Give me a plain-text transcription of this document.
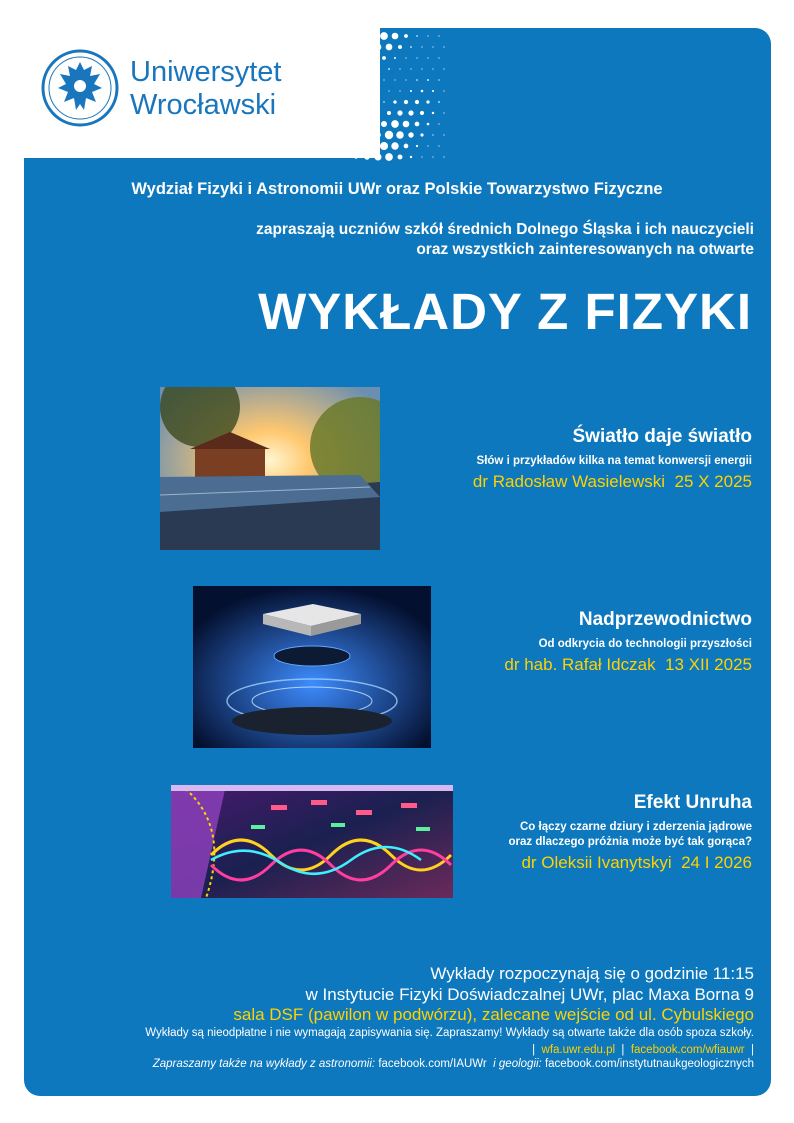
Uniwersytet
Wrocławski
Wydział Fizyki i Astronomii UWr oraz Polskie Towarzystwo Fizyczne
zapraszają uczniów szkół średnich Dolnego Śląska i ich nauczycieli
oraz wszystkich zainteresowanych na otwarte
WYKŁADY Z FIZYKI
Światło daje światło
Słów i przykładów kilka na temat konwersji energii
dr Radosław Wasielewski 25 X 2025
Nadprzewodnictwo
Od odkrycia do technologii przyszłości
dr hab. Rafał Idczak 13 XII 2025
Efekt Unruha
Co łączy czarne dziury i zderzenia jądrowe
oraz dlaczego próżnia może być tak gorąca?
dr Oleksii Ivanytskyi 24 I 2026
Wykłady rozpoczynają się o godzinie 11:15
w Instytucie Fizyki Doświadczalnej UWr, plac Maxa Borna 9
sala DSF (pawilon w podwórzu), zalecane wejście od ul. Cybulskiego
Wykłady są nieodpłatne i nie wymagają zapisywania się. Zapraszamy! Wykłady są otwarte także dla osób spoza szkoły.
|  wfa.uwr.edu.pl  |  facebook.com/wfiauwr  |
Zapraszamy także na wykłady z astronomii: facebook.com/IAUWr i geologii: facebook.com/instytutnaukgeologicznych
